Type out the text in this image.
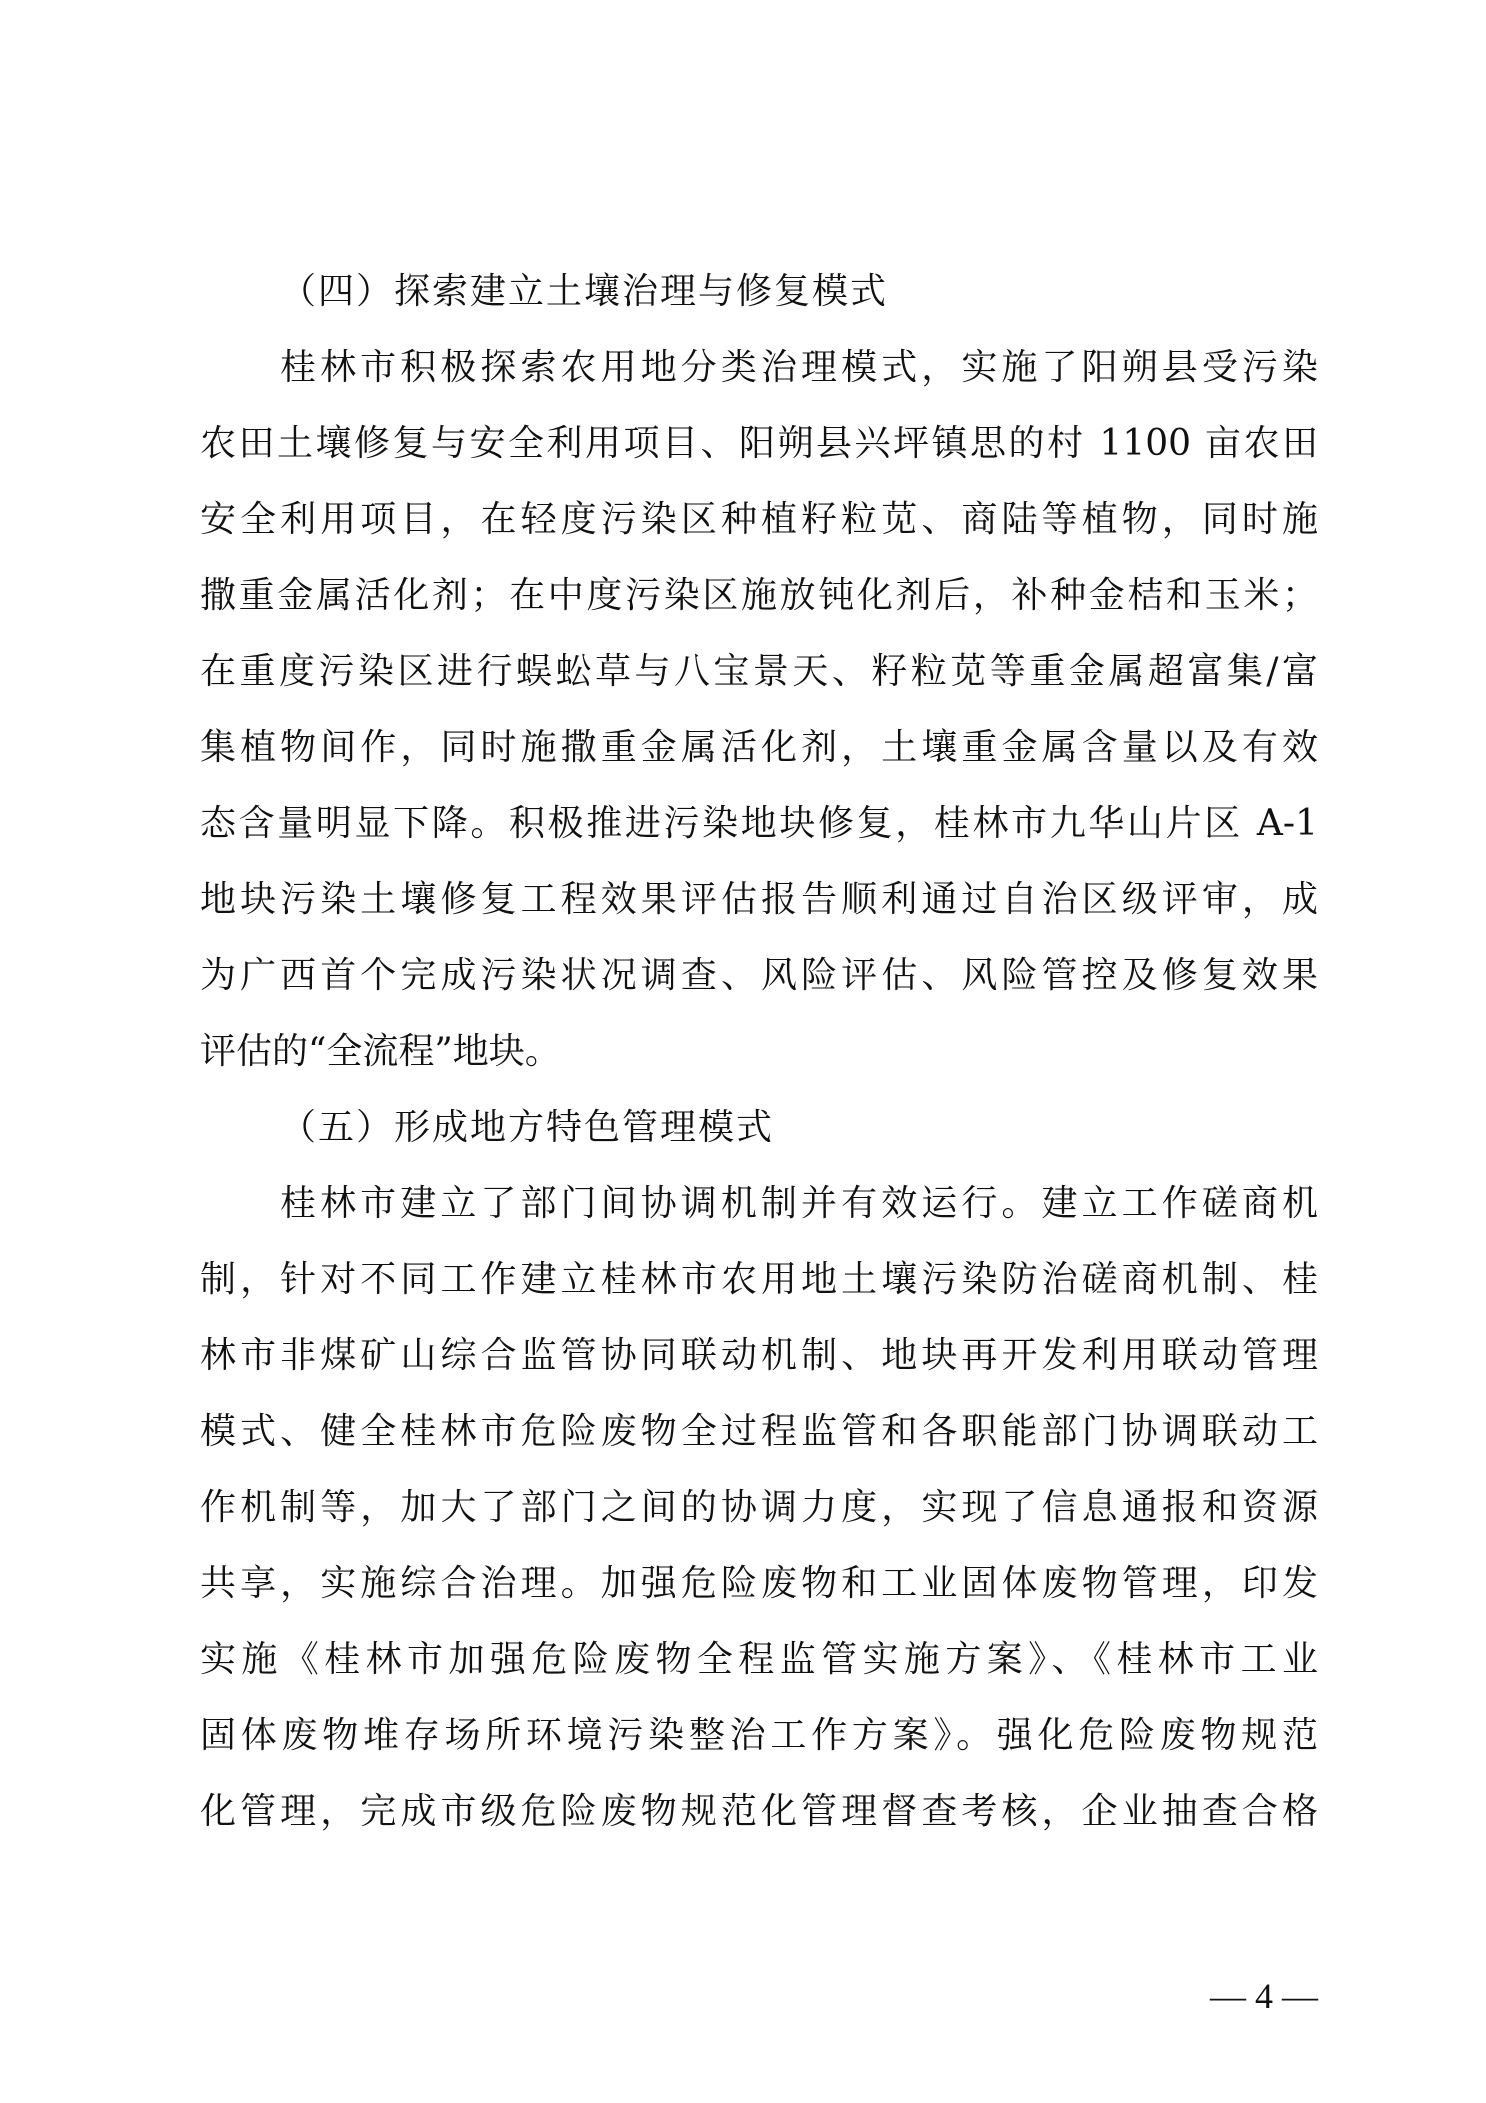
（四）探索建立土壤治理与修复模式
桂林市积极探索农用地分类治理模式，实施了阳朔县受污染
农田土壤修复与安全利用项目、阳朔县兴坪镇思的村 1100 亩农田
安全利用项目，在轻度污染区种植籽粒苋、商陆等植物，同时施
撒重金属活化剂；在中度污染区施放钝化剂后，补种金桔和玉米；
在重度污染区进行蜈蚣草与八宝景天、籽粒苋等重金属超富集/富
集植物间作，同时施撒重金属活化剂，土壤重金属含量以及有效
态含量明显下降。积极推进污染地块修复，桂林市九华山片区 A-1
地块污染土壤修复工程效果评估报告顺利通过自治区级评审，成
为广西首个完成污染状况调查、风险评估、风险管控及修复效果
评估的“全流程”地块。
（五）形成地方特色管理模式
桂林市建立了部门间协调机制并有效运行。建立工作磋商机
制，针对不同工作建立桂林市农用地土壤污染防治磋商机制、桂
林市非煤矿山综合监管协同联动机制、地块再开发利用联动管理
模式、健全桂林市危险废物全过程监管和各职能部门协调联动工
作机制等，加大了部门之间的协调力度，实现了信息通报和资源
共享，实施综合治理。加强危险废物和工业固体废物管理，印发
实施《桂林市加强危险废物全程监管实施方案》、《桂林市工业
固体废物堆存场所环境污染整治工作方案》。强化危险废物规范
化管理，完成市级危险废物规范化管理督查考核，企业抽查合格
— 4 —
